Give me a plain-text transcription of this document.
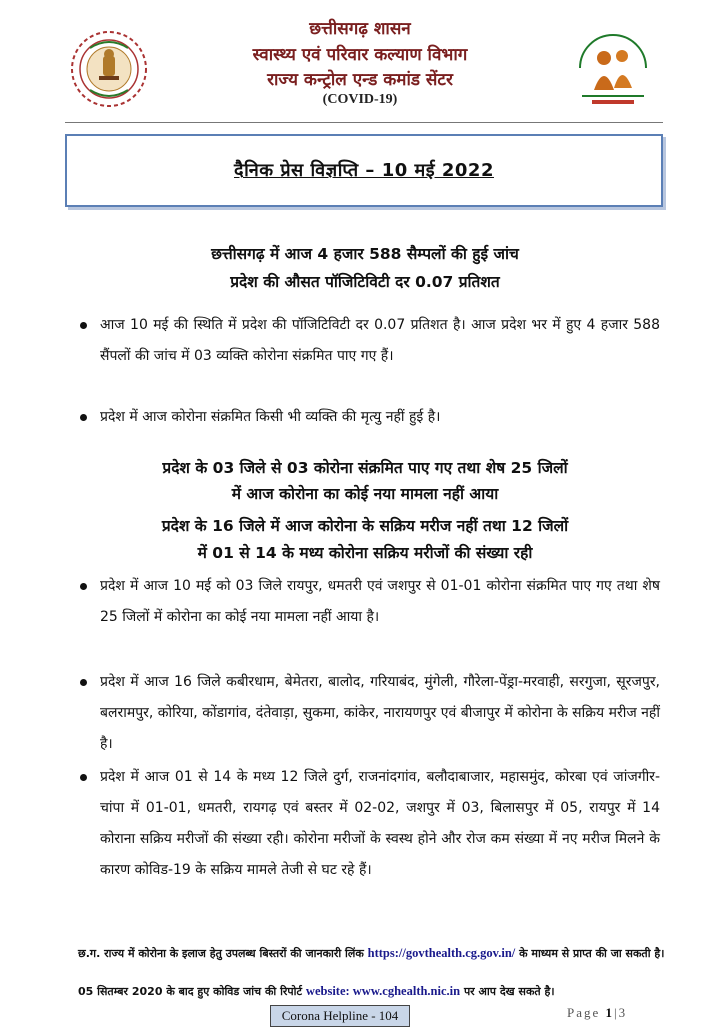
छत्तीसगढ़ शासन
स्वास्थ्य एवं परिवार कल्याण विभाग
राज्य कन्ट्रोल एन्ड कमांड सेंटर
(COVID-19)
दैनिक प्रेस विज्ञप्ति – 10 मई 2022
छत्तीसगढ़ में आज 4 हजार 588 सैम्पलों की हुई जांच
प्रदेश की औसत पॉजिटिविटी दर 0.07 प्रतिशत
आज 10 मई की स्थिति में प्रदेश की पॉजिटिविटी दर 0.07 प्रतिशत है। आज प्रदेश भर में हुए 4 हजार 588 सैंपलों की जांच में 03 व्यक्ति कोरोना संक्रमित पाए गए हैं।
प्रदेश में आज कोरोना संक्रमित किसी भी व्यक्ति की मृत्यु नहीं हुई है।
प्रदेश के 03 जिले से 03 कोरोना संक्रमित पाए गए तथा शेष 25 जिलों
में आज कोरोना का कोई नया मामला नहीं आया
प्रदेश के 16 जिले में आज कोरोना के सक्रिय मरीज नहीं तथा 12 जिलों
में 01 से 14 के मध्य कोरोना सक्रिय मरीजों की संख्या रही
प्रदेश में आज 10 मई को 03 जिले रायपुर, धमतरी एवं जशपुर से 01-01 कोरोना संक्रमित पाए गए तथा शेष 25 जिलों में कोरोना का कोई नया मामला नहीं आया है।
प्रदेश में आज 16 जिले कबीरधाम, बेमेतरा, बालोद, गरियाबंद, मुंगेली, गौरेला-पेंड्रा-मरवाही, सरगुजा, सूरजपुर, बलरामपुर, कोरिया, कोंडागांव, दंतेवाड़ा, सुकमा, कांकेर, नारायणपुर एवं बीजापुर में कोरोना के सक्रिय मरीज नहीं है।
प्रदेश में आज 01 से 14 के मध्य 12 जिले दुर्ग, राजनांदगांव, बलौदाबाजार, महासमुंद, कोरबा एवं जांजगीर-चांपा में 01-01, धमतरी, रायगढ़ एवं बस्तर में 02-02, जशपुर में 03, बिलासपुर में 05, रायपुर में 14 कोराना सक्रिय मरीजों की संख्या रही। कोरोना मरीजों के स्वस्थ होने और रोज कम संख्या में नए मरीज मिलने के कारण कोविड-19 के सक्रिय मामले तेजी से घट रहे हैं।
छ.ग. राज्य में कोरोना के इलाज हेतु उपलब्ध बिस्तरों की जानकारी लिंक https://govthealth.cg.gov.in/ के माध्यम से प्राप्त की जा सकती है।
05 सितम्बर 2020 के बाद हुए कोविड जांच की रिपोर्ट website: www.cghealth.nic.in पर आप देख सकते है।
Corona Helpline - 104	Page 1|3
